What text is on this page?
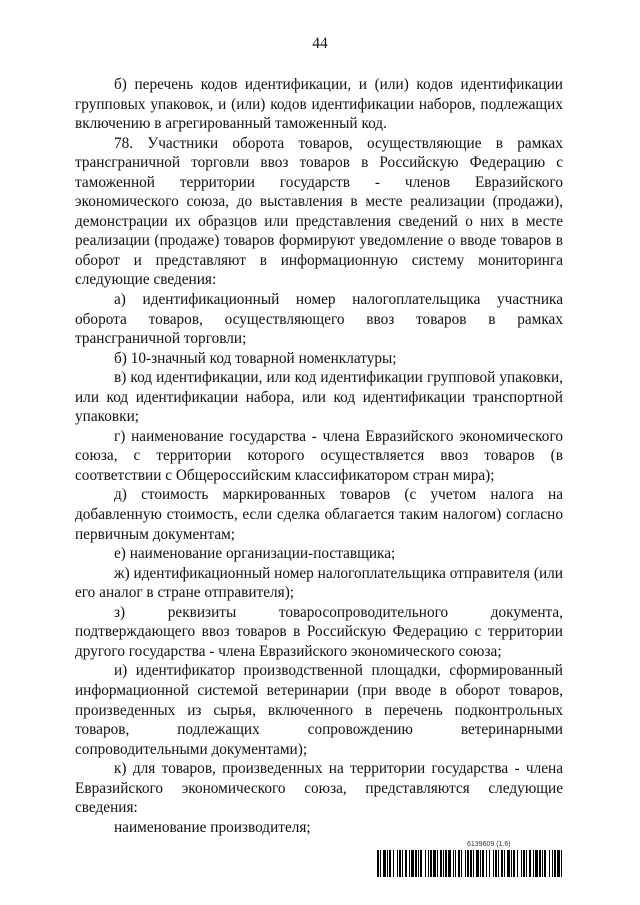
44

б) перечень кодов идентификации, и (или) кодов идентификации групповых упаковок, и (или) кодов идентификации наборов, подлежащих включению в агрегированный таможенный код.

78. Участники оборота товаров, осуществляющие в рамках трансграничной торговли ввоз товаров в Российскую Федерацию с таможенной территории государств - членов Евразийского экономического союза, до выставления в месте реализации (продажи), демонстрации их образцов или представления сведений о них в месте реализации (продаже) товаров формируют уведомление о вводе товаров в оборот и представляют в информационную систему мониторинга следующие сведения:

а) идентификационный номер налогоплательщика участника оборота товаров, осуществляющего ввоз товаров в рамках трансграничной торговли;

б) 10-значный код товарной номенклатуры;

в) код идентификации, или код идентификации групповой упаковки, или код идентификации набора, или код идентификации транспортной упаковки;

г) наименование государства - члена Евразийского экономического союза, с территории которого осуществляется ввоз товаров (в соответствии с Общероссийским классификатором стран мира);

д) стоимость маркированных товаров (с учетом налога на добавленную стоимость, если сделка облагается таким налогом) согласно первичным документам;

е) наименование организации-поставщика;

ж) идентификационный номер налогоплательщика отправителя (или его аналог в стране отправителя);

з) реквизиты товаросопроводительного документа, подтверждающего ввоз товаров в Российскую Федерацию с территории другого государства - члена Евразийского экономического союза;

и) идентификатор производственной площадки, сформированный информационной системой ветеринарии (при вводе в оборот товаров, произведенных из сырья, включенного в перечень подконтрольных товаров, подлежащих сопровождению ветеринарными сопроводительными документами);

к) для товаров, произведенных на территории государства - члена Евразийского экономического союза, представляются следующие сведения:

наименование производителя;

6139609 (1.6)
